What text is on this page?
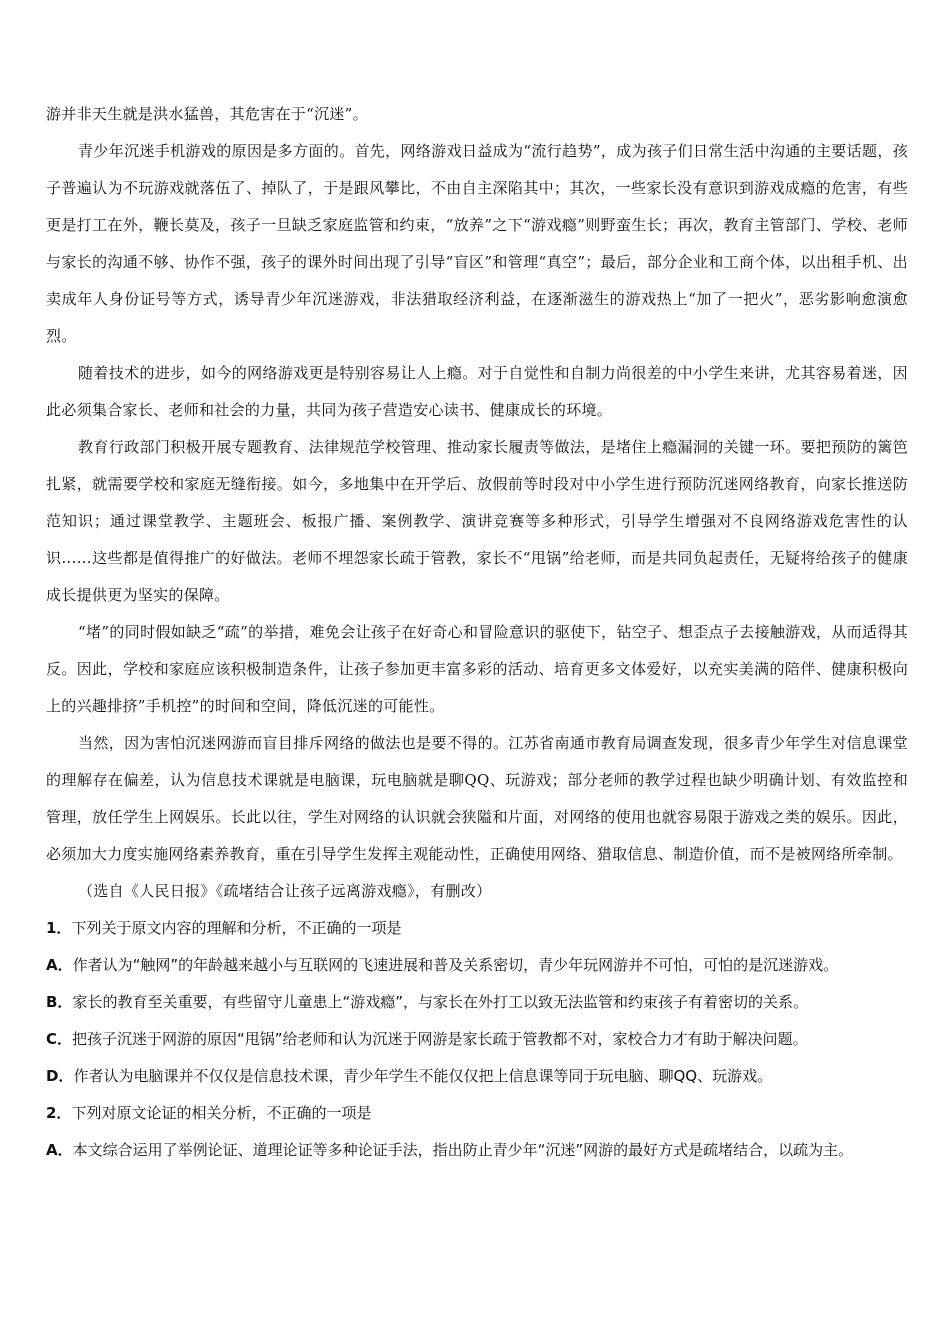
游并非天生就是洪水猛兽，其危害在于“沉迷”。

青少年沉迷手机游戏的原因是多方面的。首先，网络游戏日益成为“流行趋势”，成为孩子们日常生活中沟通的主要话题，孩子普遍认为不玩游戏就落伍了、掉队了，于是跟风攀比，不由自主深陷其中；其次，一些家长没有意识到游戏成瘾的危害，有些更是打工在外，鞭长莫及，孩子一旦缺乏家庭监管和约束，“放养”之下“游戏瘾”则野蛮生长；再次，教育主管部门、学校、老师与家长的沟通不够、协作不强，孩子的课外时间出现了引导“盲区”和管理“真空”；最后，部分企业和工商个体，以出租手机、出卖成年人身份证号等方式，诱导青少年沉迷游戏，非法猎取经济利益，在逐渐滋生的游戏热上“加了一把火”，恶劣影响愈演愈烈。

随着技术的进步，如今的网络游戏更是特别容易让人上瘾。对于自觉性和自制力尚很差的中小学生来讲，尤其容易着迷，因此必须集合家长、老师和社会的力量，共同为孩子营造安心读书、健康成长的环境。

教育行政部门积极开展专题教育、法律规范学校管理、推动家长履责等做法，是堵住上瘾漏洞的关键一环。要把预防的篱笆扎紧，就需要学校和家庭无缝衔接。如今，多地集中在开学后、放假前等时段对中小学生进行预防沉迷网络教育，向家长推送防范知识；通过课堂教学、主题班会、板报广播、案例教学、演讲竞赛等多种形式，引导学生增强对不良网络游戏危害性的认识……这些都是值得推广的好做法。老师不埋怨家长疏于管教，家长不“甩锅”给老师，而是共同负起责任，无疑将给孩子的健康成长提供更为坚实的保障。

“堵”的同时假如缺乏“疏”的举措，难免会让孩子在好奇心和冒险意识的驱使下，钻空子、想歪点子去接触游戏，从而适得其反。因此，学校和家庭应该积极制造条件，让孩子参加更丰富多彩的活动、培育更多文体爱好，以充实美满的陪伴、健康积极向上的兴趣排挤”手机控”的时间和空间，降低沉迷的可能性。

当然，因为害怕沉迷网游而盲目排斥网络的做法也是要不得的。江苏省南通市教育局调查发现，很多青少年学生对信息课堂的理解存在偏差，认为信息技术课就是电脑课，玩电脑就是聊QQ、玩游戏；部分老师的教学过程也缺少明确计划、有效监控和管理，放任学生上网娱乐。长此以往，学生对网络的认识就会狭隘和片面，对网络的使用也就容易限于游戏之类的娱乐。因此，必须加大力度实施网络素养教育，重在引导学生发挥主观能动性，正确使用网络、猎取信息、制造价值，而不是被网络所牵制。

（选自《人民日报》《疏堵结合让孩子远离游戏瘾》，有删改）

1．下列关于原文内容的理解和分析，不正确的一项是

A．作者认为“触网”的年龄越来越小与互联网的飞速进展和普及关系密切，青少年玩网游并不可怕，可怕的是沉迷游戏。

B．家长的教育至关重要，有些留守儿童患上“游戏瘾”，与家长在外打工以致无法监管和约束孩子有着密切的关系。

C．把孩子沉迷于网游的原因“甩锅”给老师和认为沉迷于网游是家长疏于管教都不对，家校合力才有助于解决问题。

D．作者认为电脑课并不仅仅是信息技术课，青少年学生不能仅仅把上信息课等同于玩电脑、聊QQ、玩游戏。

2．下列对原文论证的相关分析，不正确的一项是

A．本文综合运用了举例论证、道理论证等多种论证手法，指出防止青少年“沉迷”网游的最好方式是疏堵结合，以疏为主。
